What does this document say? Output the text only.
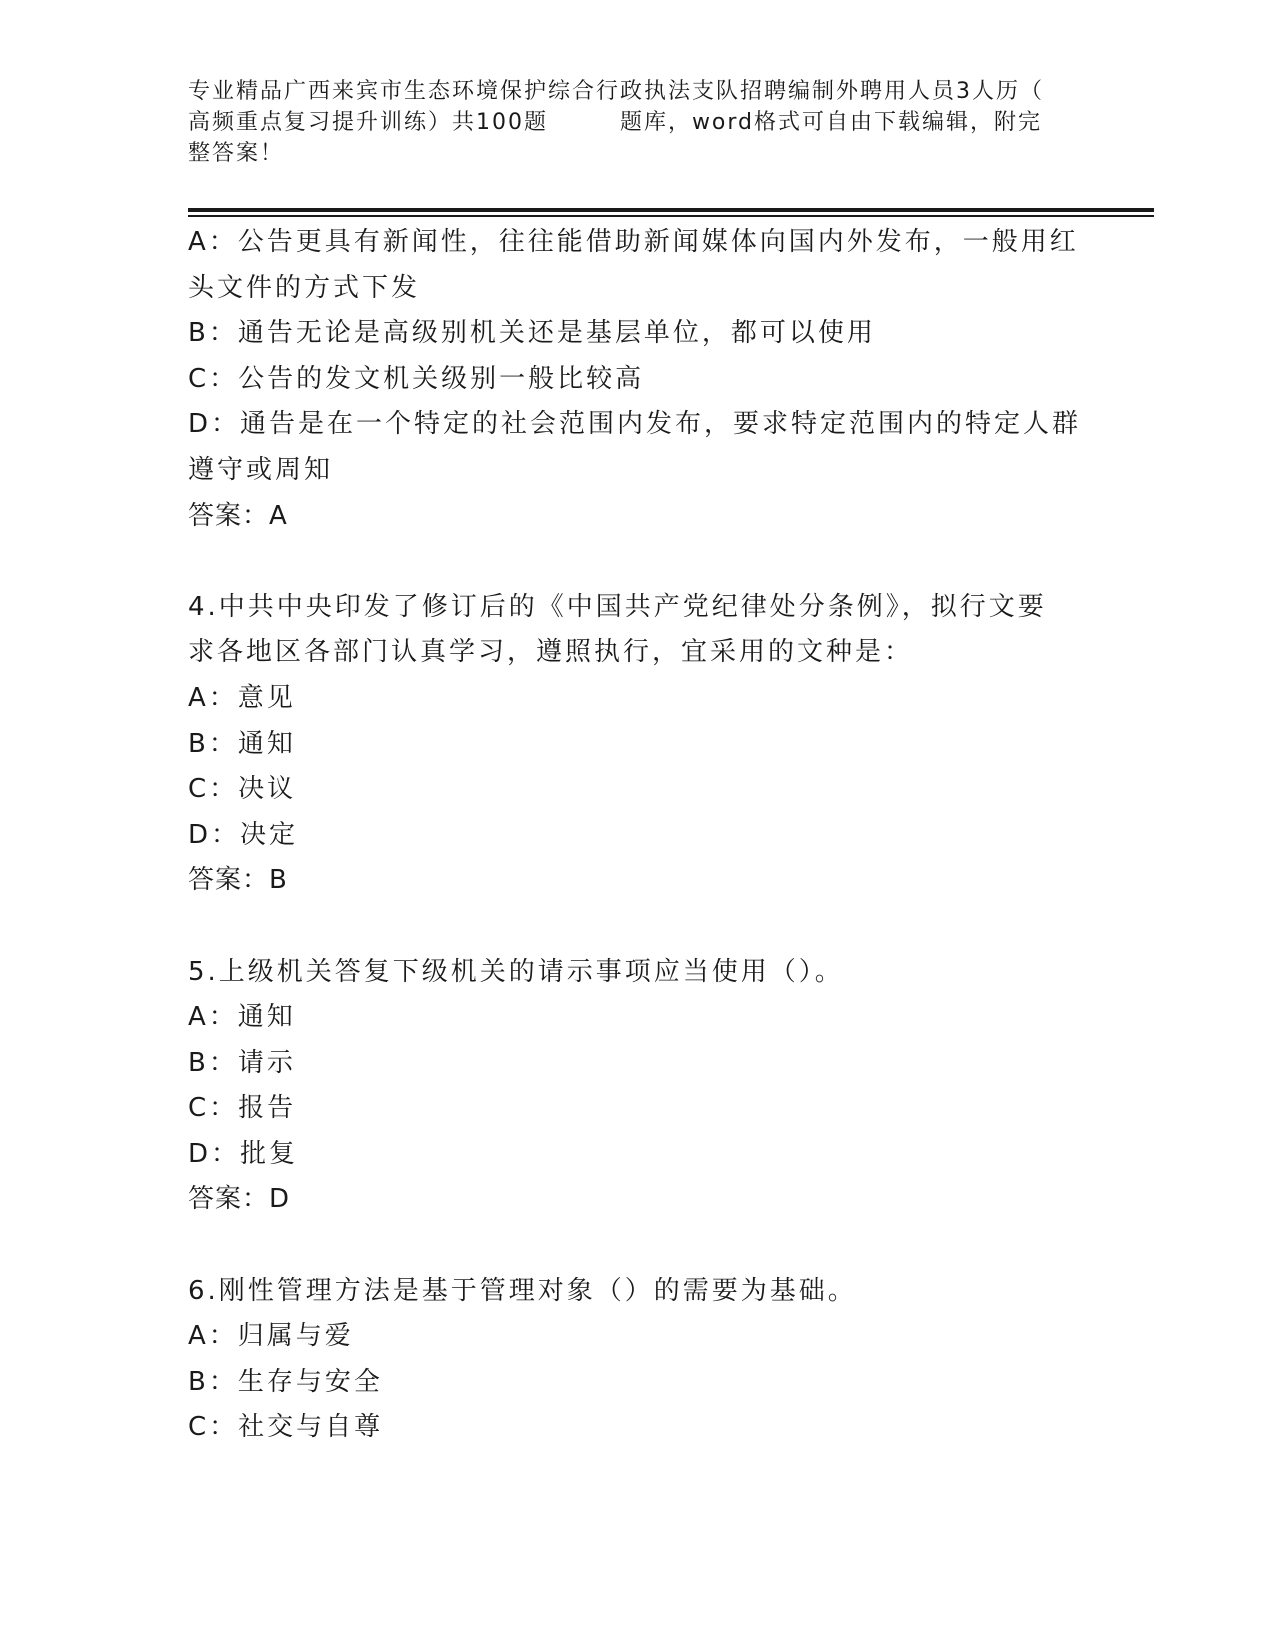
专业精品广西来宾市生态环境保护综合行政执法支队招聘编制外聘用人员3人历（
高频重点复习提升训练）共100题        题库，word格式可自由下载编辑，附完
整答案！
A：公告更具有新闻性，往往能借助新闻媒体向国内外发布，一般用红
头文件的方式下发
B：通告无论是高级别机关还是基层单位，都可以使用
C：公告的发文机关级别一般比较高
D：通告是在一个特定的社会范围内发布，要求特定范围内的特定人群
遵守或周知
答案：A
4.中共中央印发了修订后的《中国共产党纪律处分条例》，拟行文要
求各地区各部门认真学习，遵照执行，宜采用的文种是：
A：意见
B：通知
C：决议
D：决定
答案：B
5.上级机关答复下级机关的请示事项应当使用（）。
A：通知
B：请示
C：报告
D：批复
答案：D
6.刚性管理方法是基于管理对象（）的需要为基础。
A：归属与爱
B：生存与安全
C：社交与自尊
